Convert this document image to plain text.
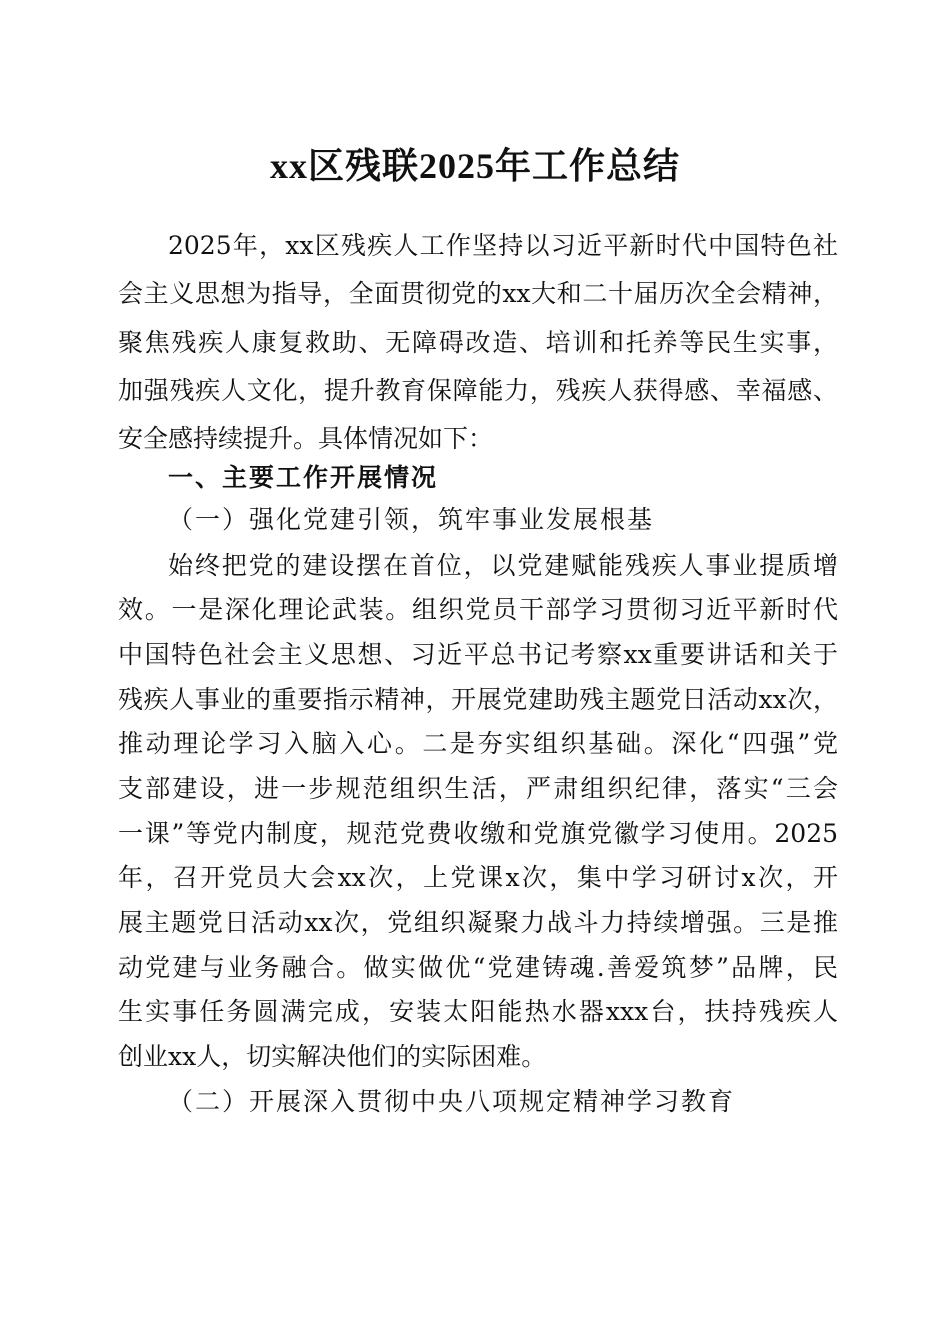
xx区残联2025年工作总结
2025年，xx区残疾人工作坚持以习近平新时代中国特色社
会主义思想为指导，全面贯彻党的xx大和二十届历次全会精神，
聚焦残疾人康复救助、无障碍改造、培训和托养等民生实事，
加强残疾人文化，提升教育保障能力，残疾人获得感、幸福感、
安全感持续提升。具体情况如下：
一、主要工作开展情况
（一）强化党建引领，筑牢事业发展根基
始终把党的建设摆在首位，以党建赋能残疾人事业提质增
效。一是深化理论武装。组织党员干部学习贯彻习近平新时代
中国特色社会主义思想、习近平总书记考察xx重要讲话和关于
残疾人事业的重要指示精神，开展党建助残主题党日活动xx次，
推动理论学习入脑入心。二是夯实组织基础。深化“四强”党
支部建设，进一步规范组织生活，严肃组织纪律，落实“三会
一课”等党内制度，规范党费收缴和党旗党徽学习使用。2025
年，召开党员大会xx次，上党课x次，集中学习研讨x次，开
展主题党日活动xx次，党组织凝聚力战斗力持续增强。三是推
动党建与业务融合。做实做优“党建铸魂.善爱筑梦”品牌，民
生实事任务圆满完成，安装太阳能热水器xxx台，扶持残疾人
创业xx人，切实解决他们的实际困难。
（二）开展深入贯彻中央八项规定精神学习教育
